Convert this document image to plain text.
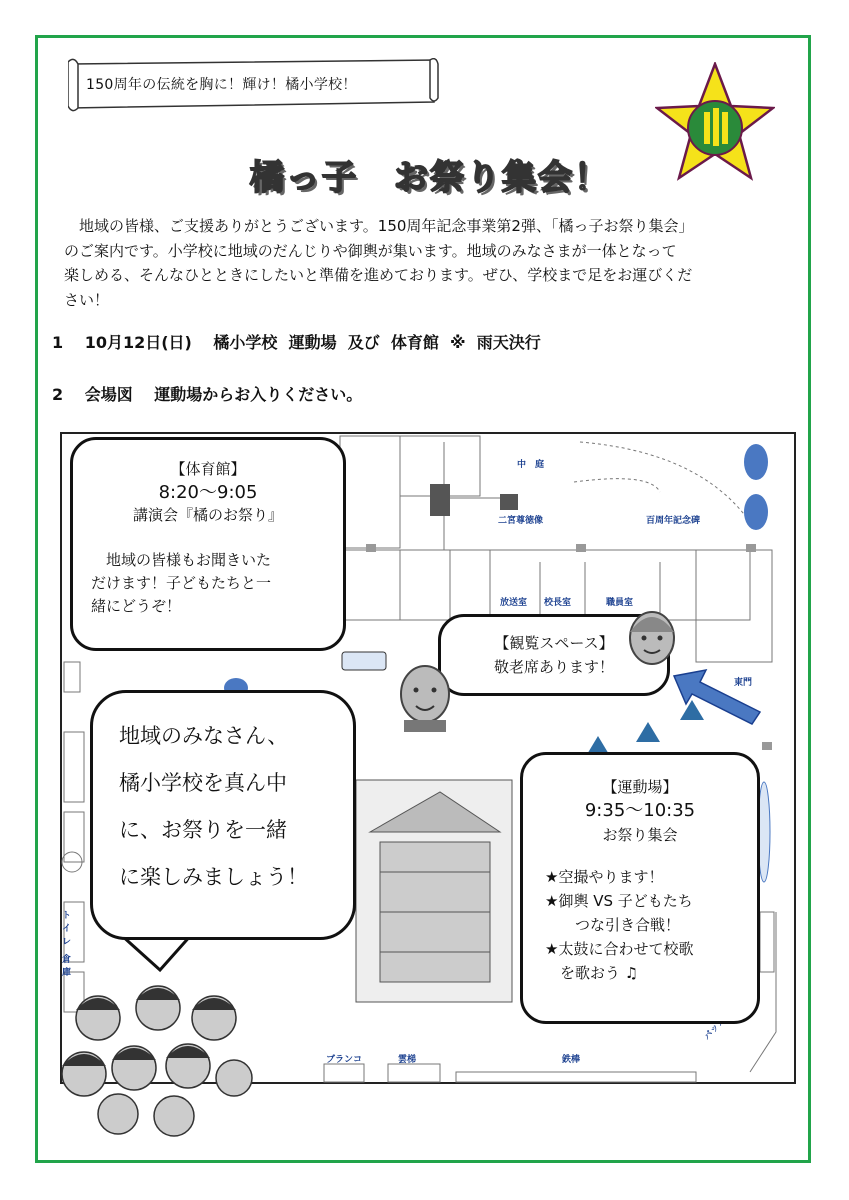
150周年の伝統を胸に！輝け！橘小学校！
橘っ子　お祭り集会！
　地域の皆様、ご支援ありがとうございます。150周年記念事業第2弾、「橘っ子お祭り集会」
のご案内です。小学校に地域のだんじりや御輿が集います。地域のみなさまが一体となって
楽しめる、そんなひとときにしたいと準備を進めております。ぜひ、学校まで足をお運びくだ
さい！
1　 10月12日(日)　 橘小学校  運動場  及び  体育館  ※  雨天決行
2　 会場図 　運動場からお入りください。
中　庭
二宮尊徳像	百周年記念碑
放送室 校長室	職員室
東門
ブランコ	雲梯	鉄棒
トイレ
倉庫
【体育館】
8:20～9:05
講演会『橘のお祭り』
　地域の皆様もお聞きいた
だけます！子どもたちと一
緒にどうぞ！
【観覧スペース】
敬老席あります！
地域のみなさん、
橘小学校を真ん中
に、お祭りを一緒
に楽しみましょう！
【運動場】
9:35～10:35
お祭り集会
★空撮やります！
★御輿 VS 子どもたち
　　つな引き合戦！
★太鼓に合わせて校歌
　を歌おう ♫
